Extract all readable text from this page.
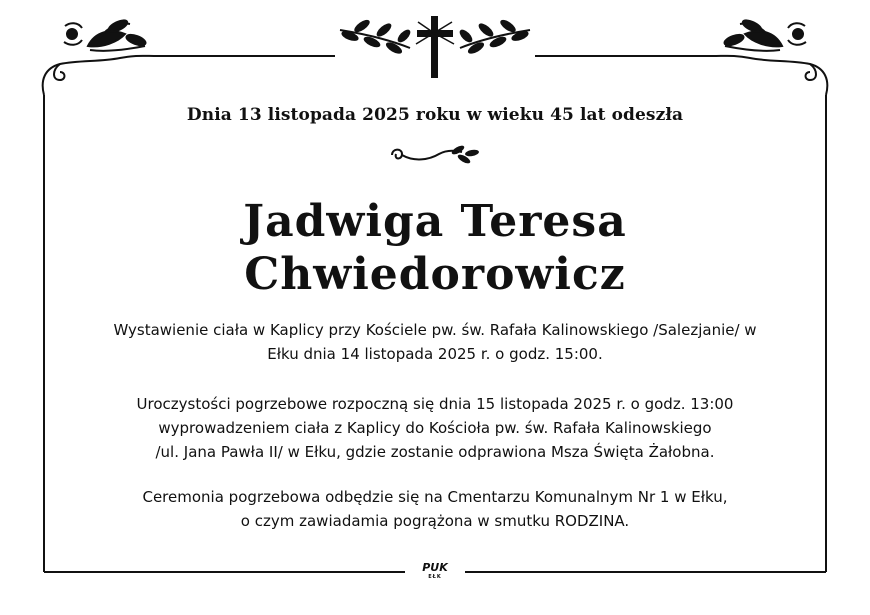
Dnia 13 listopada 2025 roku w wieku 45 lat odeszła
Jadwiga Teresa
Chwiedorowicz
Wystawienie ciała w Kaplicy przy Kościele pw. św. Rafała Kalinowskiego /Salezjanie/ w
Ełku dnia 14 listopada 2025 r. o godz. 15:00.
Uroczystości pogrzebowe rozpoczną się dnia 15 listopada 2025 r. o godz. 13:00
wyprowadzeniem ciała z Kaplicy do Kościoła pw. św. Rafała Kalinowskiego
/ul. Jana Pawła II/ w Ełku, gdzie zostanie odprawiona Msza Święta Żałobna.
Ceremonia pogrzebowa odbędzie się na Cmentarzu Komunalnym Nr 1 w Ełku,
o czym zawiadamia pogrążona w smutku RODZINA.
PUK
EŁK
